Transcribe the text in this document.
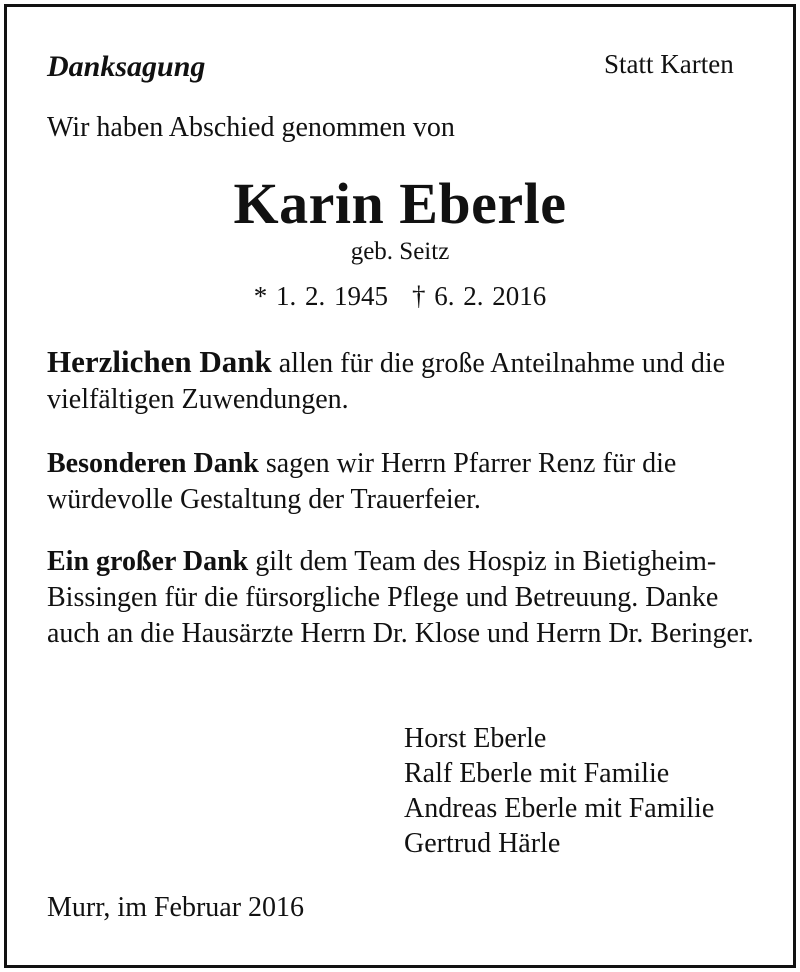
Danksagung	Statt Karten
Wir haben Abschied genommen von
Karin Eberle
geb. Seitz
* 1. 2. 1945 † 6. 2. 2016
Herzlichen Dank allen für die große Anteilnahme und die vielfältigen Zuwendungen.
Besonderen Dank sagen wir Herrn Pfarrer Renz für die würdevolle Gestaltung der Trauerfeier.
Ein großer Dank gilt dem Team des Hospiz in Bietigheim-Bissingen für die fürsorgliche Pflege und Betreuung. Danke auch an die Hausärzte Herrn Dr. Klose und Herrn Dr. Beringer.
Horst Eberle
Ralf Eberle mit Familie
Andreas Eberle mit Familie
Gertrud Härle
Murr, im Februar 2016
